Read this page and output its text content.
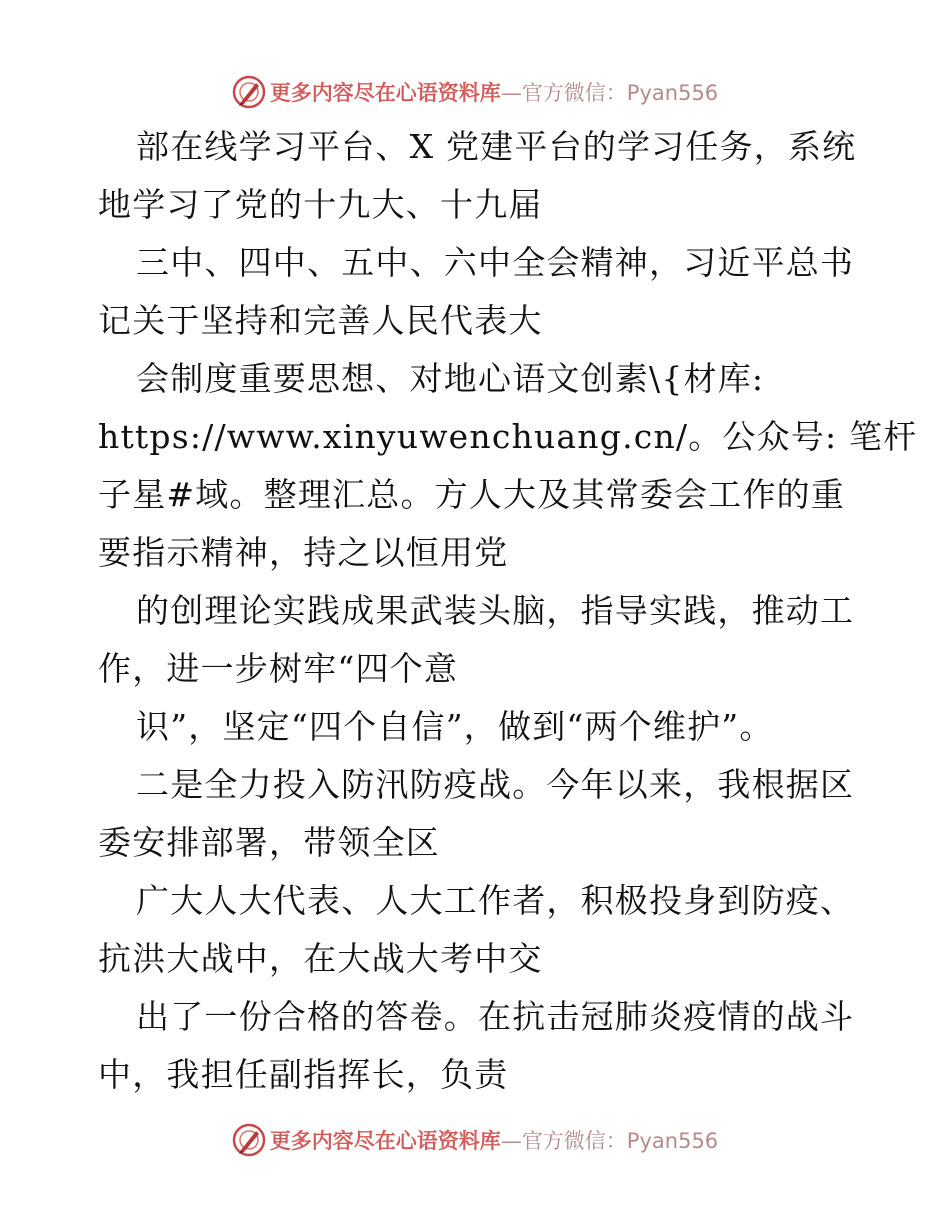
更多内容尽在心语资料库—官方微信：Pyan556
部在线学习平台、X 党建平台的学习任务，系统
地学习了党的十九大、十九届
三中、四中、五中、六中全会精神，习近平总书
记关于坚持和完善人民代表大
会制度重要思想、对地心语文创素\{材库:
https://www.xinyuwenchuang.cn/。公众号: 笔杆
子星#域。整理汇总。方人大及其常委会工作的重
要指示精神，持之以恒用党
的创理论实践成果武装头脑，指导实践，推动工
作，进一步树牢“四个意
识”，坚定“四个自信”，做到“两个维护”。
二是全力投入防汛防疫战。今年以来，我根据区
委安排部署，带领全区
广大人大代表、人大工作者，积极投身到防疫、
抗洪大战中，在大战大考中交
出了一份合格的答卷。在抗击冠肺炎疫情的战斗
中，我担任副指挥长，负责
更多内容尽在心语资料库—官方微信：Pyan556
